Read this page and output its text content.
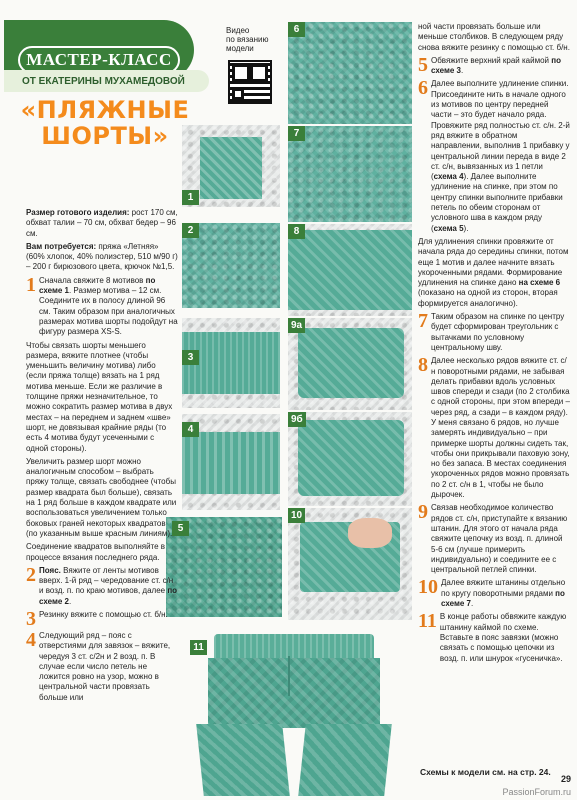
МАСТЕР-КЛАСС
ОТ ЕКАТЕРИНЫ МУХАМЕДОВОЙ
«ПЛЯЖНЫЕ
ШОРТЫ»
Видео
по вязанию
модели
1
2
3
4
5
6
7
8
9а
9б
10
11

Размер готового изделия: рост 170 см, обхват талии – 70 см, обхват бедер – 96 см.

Вам потребуется: пряжа «Летняя» (60% хлопок, 40% полиэстер, 510 м/90 г) – 200 г бирюзового цвета, крючок №1,5.

1 Сначала свяжите 8 мотивов по схеме 1. Размер мотива – 12 см. Соедините их в полосу длиной 96 см. Таким образом при аналогичных размерах мотива шорты подойдут на фигуру размера XS-S.

Чтобы связать шорты меньшего размера, вяжите плотнее (чтобы уменьшить величину мотива) либо (если пряжа толще) вязать на 1 ряд мотива меньше. Если же различие в толщине пряжи незначительное, то можно сократить размер мотива в двух местах – на переднем и заднем «шве» шорт, не довязывая крайние ряды (то есть 4 мотива будут усеченными с одной стороны).

Увеличить размер шорт можно аналогичным способом – выбрать пряжу толще, связать свободнее (чтобы размер квадрата был больше), связать на 1 ряд больше в каждом квадрате или воспользоваться увеличением только боковых граней некоторых квадратов (по указанным выше красным линиям).

Соединение квадратов выполняйте в процессе вязания последнего ряда.

2 Пояс. Вяжите от ленты мотивов вверх. 1-й ряд – чередование ст. с/н и возд. п. по краю мотивов, далее по схеме 2.
3 Резинку вяжите с помощью ст. б/н.
4 Следующий ряд – пояс с отверстиями для завязок – вяжите, чередуя 3 ст. с/2н и 2 возд. п. В случае если число петель не ложится ровно на узор, можно в центральной части провязать больше или

ной части провязать больше или меньше столбиков. В следующем ряду снова вяжите резинку с помощью ст. б/н.

5 Обвяжите верхний край каймой по схеме 3.
6 Далее выполните удлинение спинки. Присоедините нить в начале одного из мотивов по центру передней части – это будет начало ряда. Провяжите ряд полностью ст. с/н. 2-й ряд вяжите в обратном направлении, выполнив 1 прибавку у центральной линии переда в виде 2 ст. с/н, вывязанных из 1 петли (схема 4). Далее выполните удлинение на спинке, при этом по центру спинки выполните прибавки петель по обеим сторонам от условного шва в каждом ряду (схема 5).

Для удлинения спинки провяжите от начала ряда до середины спинки, потом еще 1 мотив и далее начните вязать укороченными рядами. Формирование удлинения на спинке дано на схеме 6 (показано на одной из сторон, вторая формируется аналогично).

7 Таким образом на спинке по центру будет сформирован треугольник с вытачками по условному центральному шву.
8 Далее несколько рядов вяжите ст. с/н поворотными рядами, не забывая делать прибавки вдоль условных швов спереди и сзади (по 2 столбика с одной стороны, при этом впереди – через ряд, а сзади – в каждом ряду). У меня связано 6 рядов, но лучше замерять индивидуально – при примерке шорты должны сидеть так, чтобы они прикрывали паховую зону, но без запаса. В местах соединения укороченных рядов можно провязать по 2 ст. с/н в 1, чтобы не было дырочек.
9 Связав необходимое количество рядов ст. с/н, приступайте к вязанию штанин. Для этого от начала ряда свяжите цепочку из возд. п. длиной 5-6 см (лучше примерить индивидуально) и соедините ее с центральной петлей спинки.
10 Далее вяжите штанины отдельно по кругу поворотными рядами по схеме 7.
11 В конце работы обвяжите каждую штанину каймой по схеме. Вставьте в пояс завязки (можно связать с помощью цепочки из возд. п. или шнурок «гусеничка».
Схемы к модели см. на стр. 24.
29
PassionForum.ru
